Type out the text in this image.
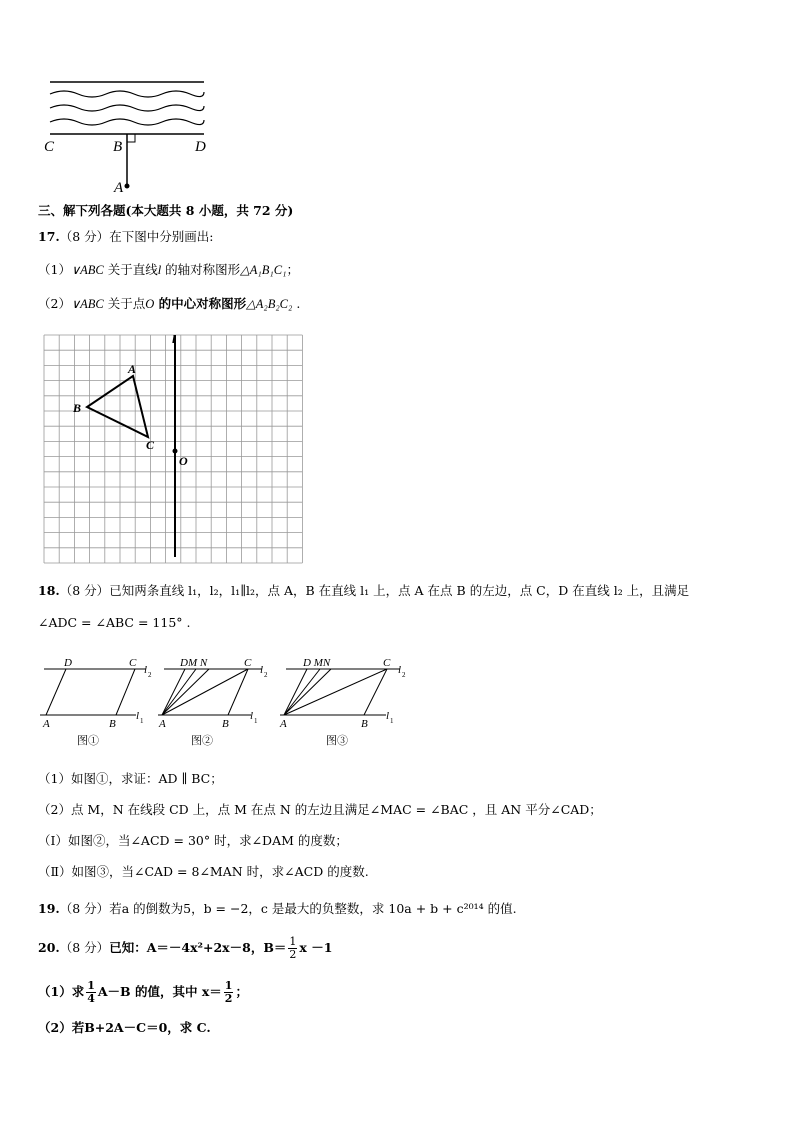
C	B	D
A
三、解下列各题(本大题共 8 小题，共 72 分)
17.（8 分）在下图中分别画出:
（1）∨ABC 关于直线l 的轴对称图形△A₁B₁C₁；
（2）∨ABC 关于点O 的中心对称图形△A₂B₂C₂ .
A
B
C
O
l
18.（8 分）已知两条直线 l₁，l₂，l₁∥l₂，点 A，B 在直线 l₁ 上，点 A 在点 B 的左边，点 C，D 在直线 l₂ 上，且满足
∠ADC = ∠ABC = 115° .
D	C
l 2
A	B
l 1
图①
DM N	C
l 2
A	B
l 1
图②
D MN	C
l 2
A	B
l 1
图③
（1）如图①，求证：AD ∥ BC；
（2）点 M，N 在线段 CD 上，点 M 在点 N 的左边且满足∠MAC = ∠BAC ，且 AN 平分∠CAD；
（Ⅰ）如图②，当∠ACD = 30° 时，求∠DAM 的度数；
（Ⅱ）如图③，当∠CAD = 8∠MAN 时，求∠ACD 的度数.
19.（8 分）若a 的倒数为5，b = −2，c 是最大的负整数，求 10a + b + c²⁰¹⁴ 的值.
20.（8 分）已知：A＝－4x²+2x－8，$B= \frac{1}{2}$ x －1
（1）求 $\frac{1}{4} A-B$ 的值，其中 $x= \frac{1}{2}$ ；
（2）若B+2A－C＝0，求 C.
